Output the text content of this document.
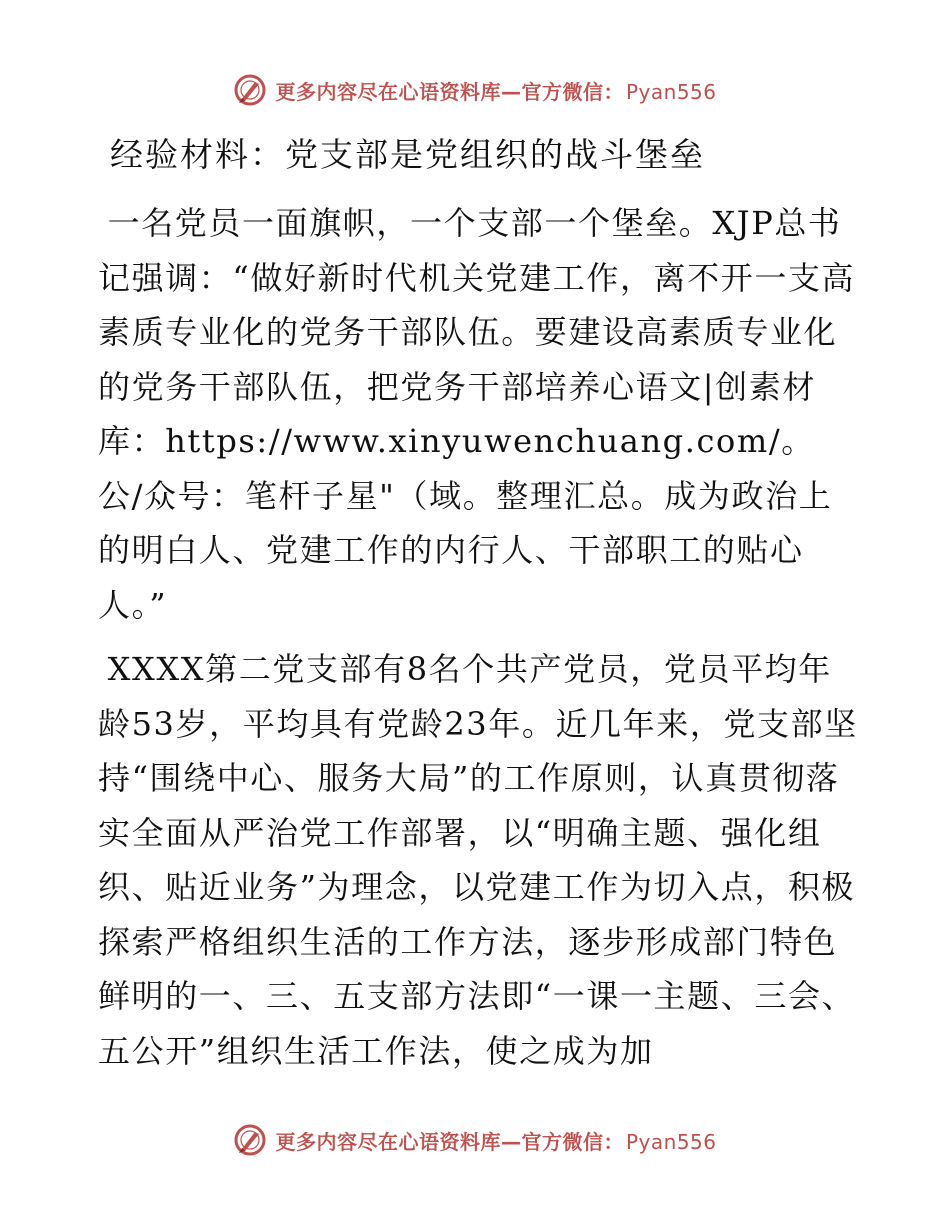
更多内容尽在心语资料库—官方微信： Pyan556
经验材料：党支部是党组织的战斗堡垒

一名党员一面旗帜，一个支部一个堡垒。XJP总书记强调：“做好新时代机关党建工作，离不开一支高素质专业化的党务干部队伍。要建设高素质专业化的党务干部队伍，把党务干部培养心语文|创素材库：https://www.xinyuwenchuang.com/。公/众号：笔杆子星"（域。整理汇总。成为政治上的明白人、党建工作的内行人、干部职工的贴心人。”

XXXX第二党支部有8名个共产党员，党员平均年龄53岁，平均具有党龄23年。近几年来，党支部坚持“围绕中心、服务大局”的工作原则，认真贯彻落实全面从严治党工作部署，以“明确主题、强化组织、贴近业务”为理念，以党建工作为切入点，积极探索严格组织生活的工作方法，逐步形成部门特色鲜明的一、三、五支部方法即“一课一主题、三会、五公开”组织生活工作法，使之成为加

更多内容尽在心语资料库—官方微信： Pyan556
